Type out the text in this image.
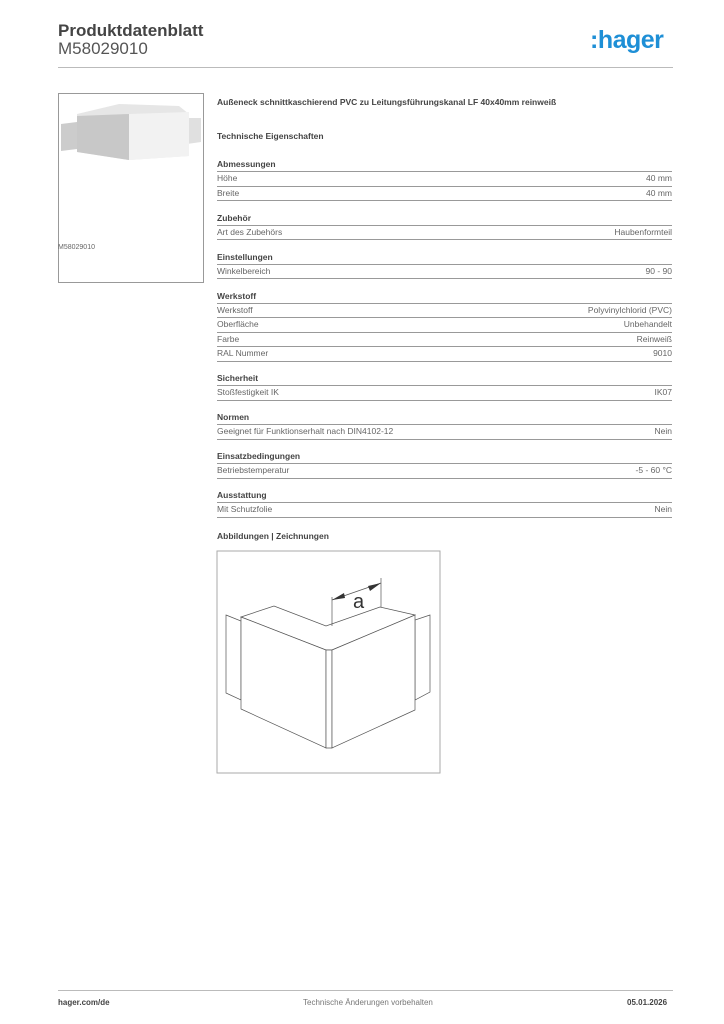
Produktdatenblatt
M58029010	:hager
M58029010
Außeneck schnittkaschierend PVC zu Leitungsführungskanal LF 40x40mm reinweiß
Technische Eigenschaften
Abmessungen
Höhe	40 mm
Breite	40 mm
Zubehör
Art des Zubehörs	Haubenformteil
Einstellungen
Winkelbereich	90 - 90
Werkstoff
Werkstoff	Polyvinylchlorid (PVC)
Oberfläche	Unbehandelt
Farbe	Reinweiß
RAL Nummer	9010
Sicherheit
Stoßfestigkeit IK	IK07
Normen
Geeignet für Funktionserhalt nach DIN4102-12	Nein
Einsatzbedingungen
Betriebstemperatur	-5 - 60 °C
Ausstattung
Mit Schutzfolie	Nein
Abbildungen | Zeichnungen
a
hager.com/de	Technische Änderungen vorbehalten	05.01.2026
